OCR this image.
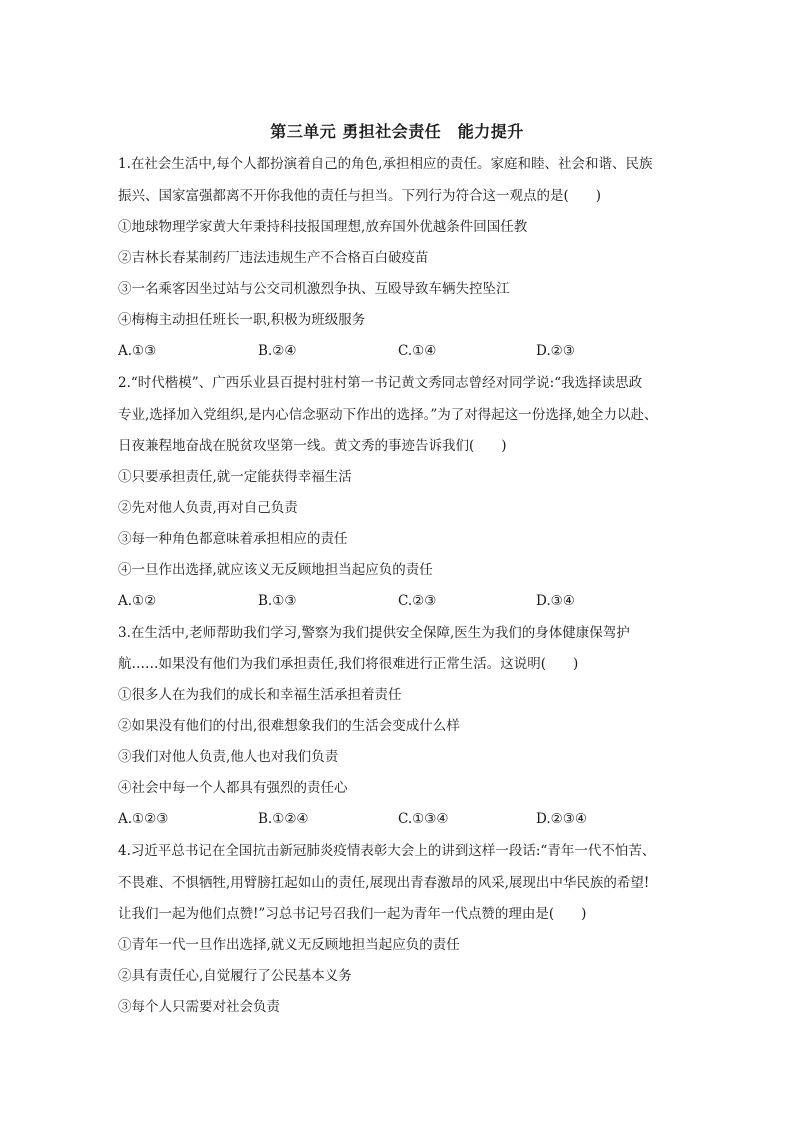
第三单元 勇担社会责任　能力提升
1.在社会生活中,每个人都扮演着自己的角色,承担相应的责任。家庭和睦、社会和谐、民族
振兴、国家富强都离不开你我他的责任与担当。下列行为符合这一观点的是(　　)
①地球物理学家黄大年秉持科技报国理想,放弃国外优越条件回国任教
②吉林长春某制药厂违法违规生产不合格百白破疫苗
③一名乘客因坐过站与公交司机激烈争执、互殴导致车辆失控坠江
④梅梅主动担任班长一职,积极为班级服务
A.①③	B.②④	C.①④	D.②③
2.“时代楷模”、广西乐业县百提村驻村第一书记黄文秀同志曾经对同学说:“我选择读思政
专业,选择加入党组织,是内心信念驱动下作出的选择。”为了对得起这一份选择,她全力以赴、
日夜兼程地奋战在脱贫攻坚第一线。黄文秀的事迹告诉我们(　　)
①只要承担责任,就一定能获得幸福生活
②先对他人负责,再对自己负责
③每一种角色都意味着承担相应的责任
④一旦作出选择,就应该义无反顾地担当起应负的责任
A.①②	B.①③	C.②③	D.③④
3.在生活中,老师帮助我们学习,警察为我们提供安全保障,医生为我们的身体健康保驾护
航……如果没有他们为我们承担责任,我们将很难进行正常生活。这说明(　　)
①很多人在为我们的成长和幸福生活承担着责任
②如果没有他们的付出,很难想象我们的生活会变成什么样
③我们对他人负责,他人也对我们负责
④社会中每一个人都具有强烈的责任心
A.①②③	B.①②④	C.①③④	D.②③④
4.习近平总书记在全国抗击新冠肺炎疫情表彰大会上的讲到这样一段话:“青年一代不怕苦、
不畏难、不惧牺牲,用臂膀扛起如山的责任,展现出青春激昂的风采,展现出中华民族的希望!
让我们一起为他们点赞!”习总书记号召我们一起为青年一代点赞的理由是(　　)
①青年一代一旦作出选择,就义无反顾地担当起应负的责任
②具有责任心,自觉履行了公民基本义务
③每个人只需要对社会负责
